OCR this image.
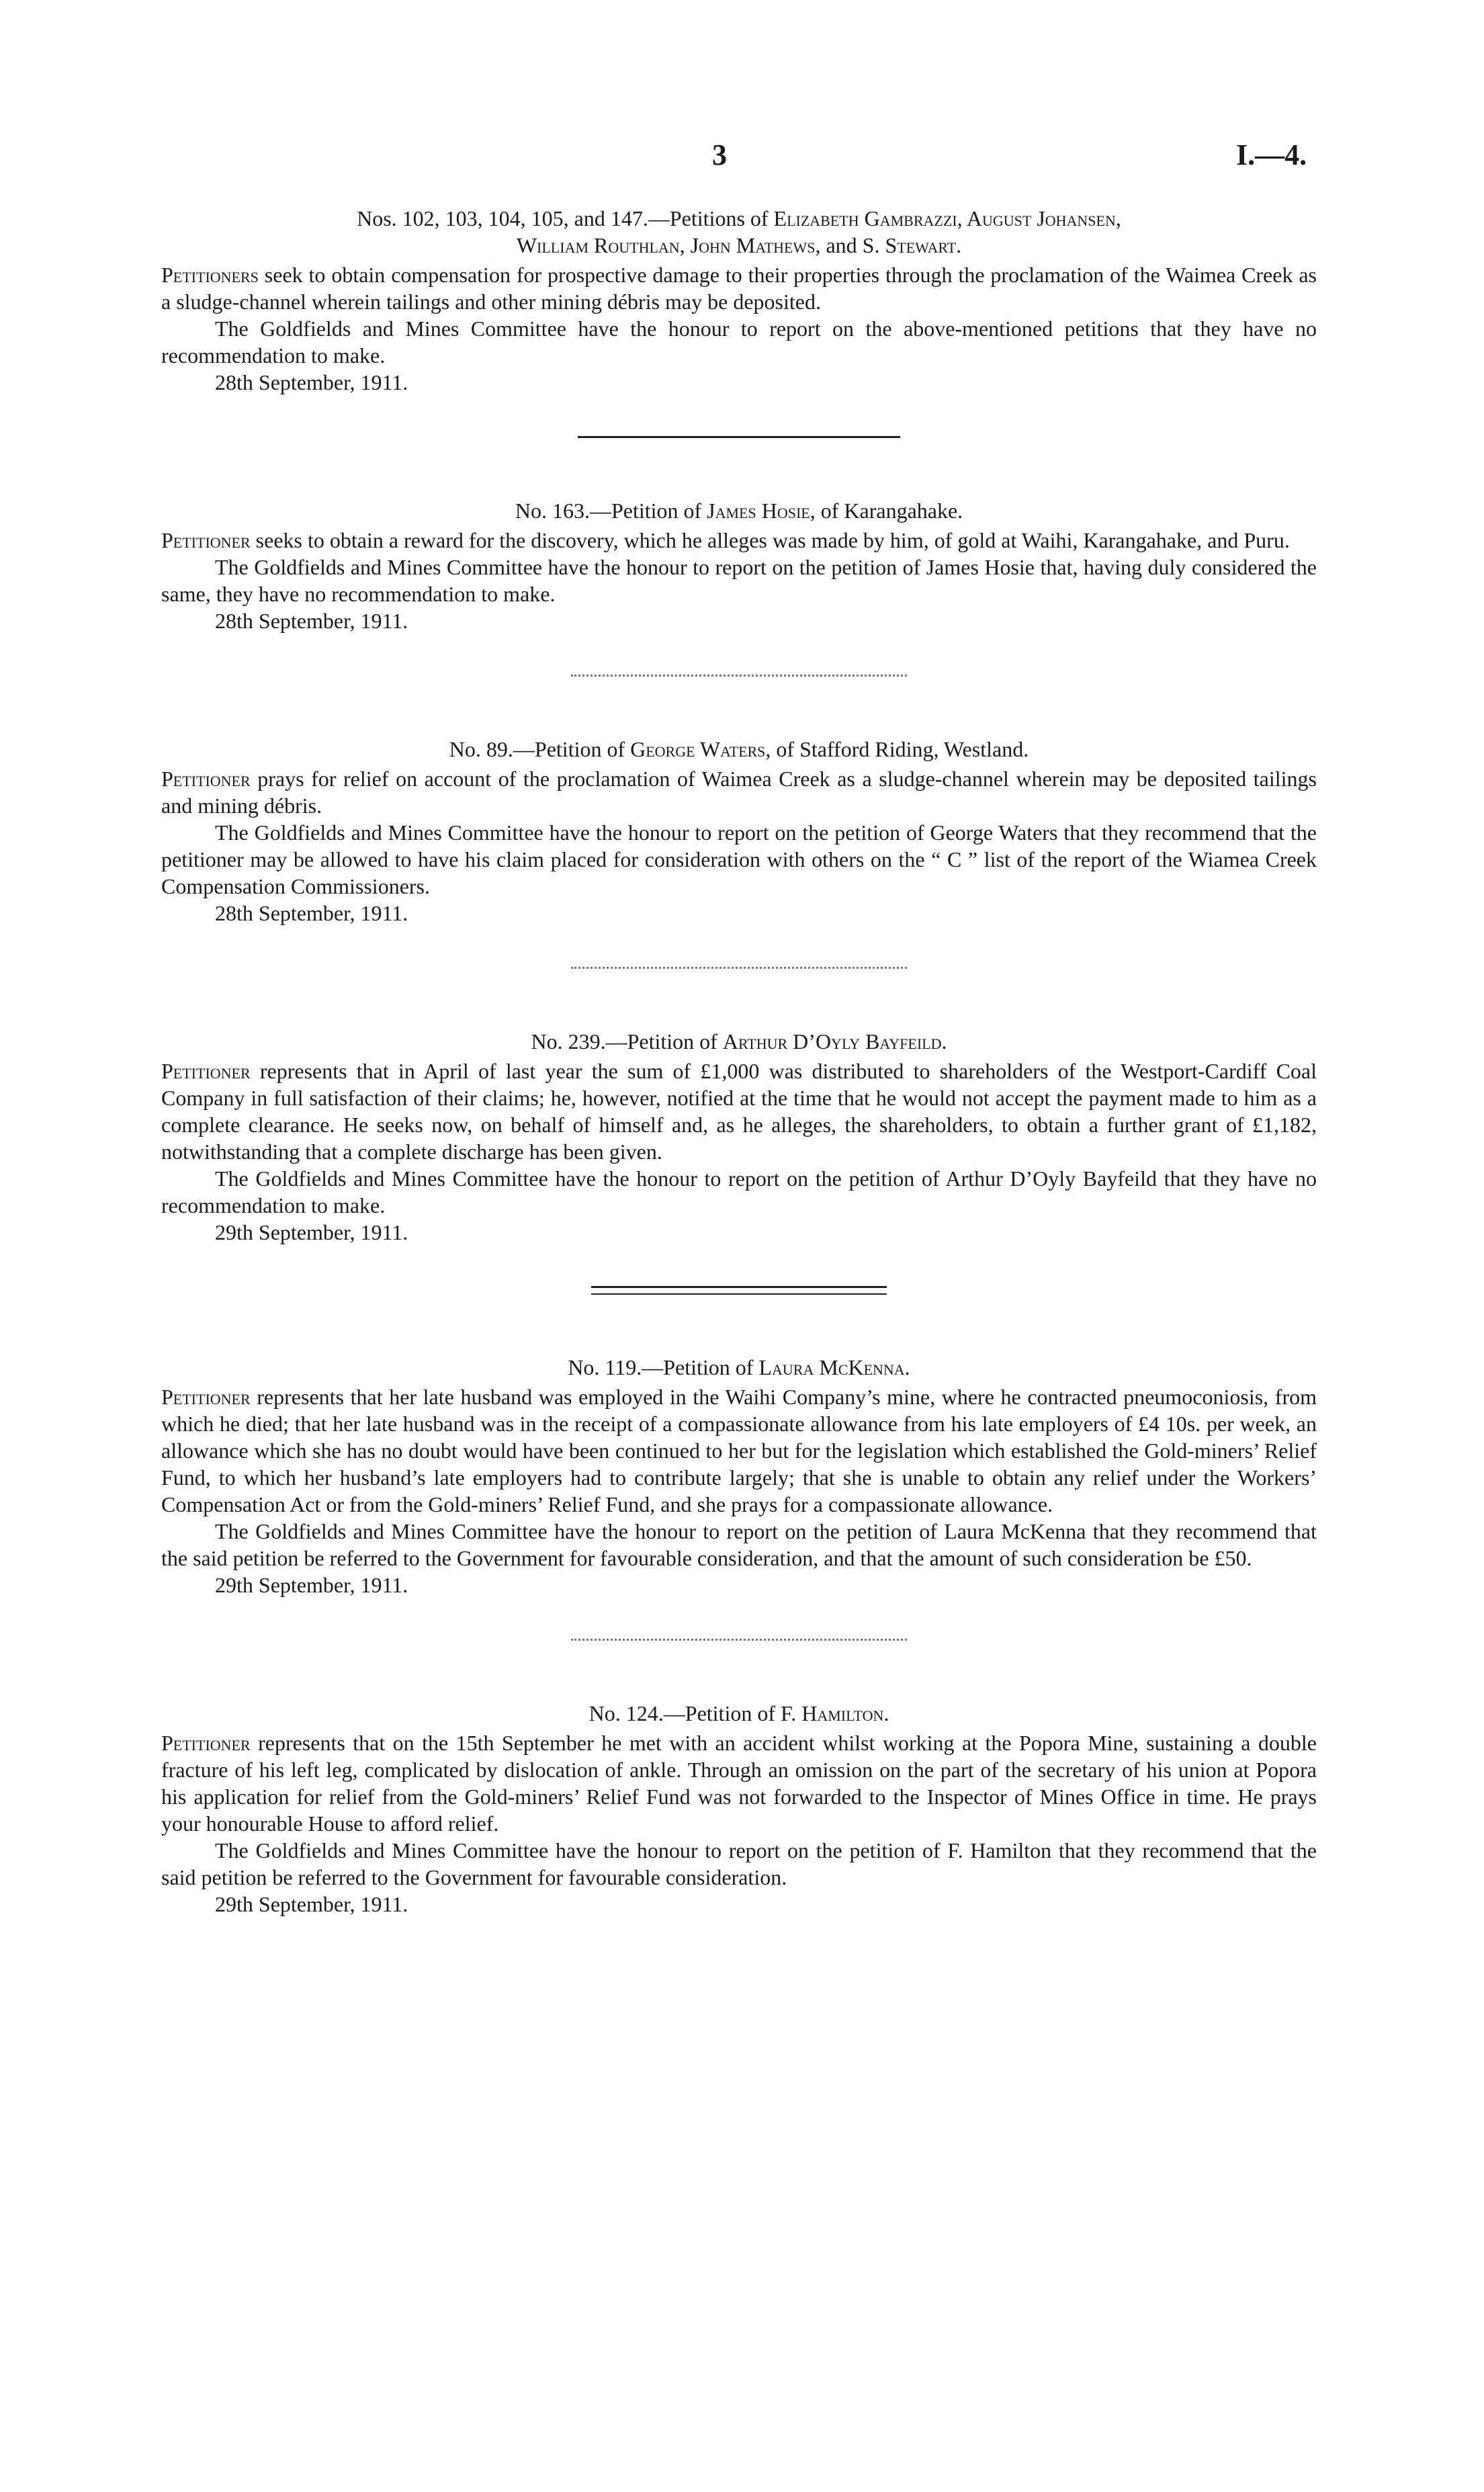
3	I.—4.
Nos. 102, 103, 104, 105, and 147.—Petitions of Elizabeth Gambrazzi, August Johansen,
William Routhlan, John Mathews, and S. Stewart.

Petitioners seek to obtain compensation for prospective damage to their properties through the proclamation of the Waimea Creek as a sludge-channel wherein tailings and other mining débris may be deposited.

The Goldfields and Mines Committee have the honour to report on the above-mentioned petitions that they have no recommendation to make.

28th September, 1911.

No. 163.—Petition of James Hosie, of Karangahake.

Petitioner seeks to obtain a reward for the discovery, which he alleges was made by him, of gold at Waihi, Karangahake, and Puru.

The Goldfields and Mines Committee have the honour to report on the petition of James Hosie that, having duly considered the same, they have no recommendation to make.

28th September, 1911.

No. 89.—Petition of George Waters, of Stafford Riding, Westland.

Petitioner prays for relief on account of the proclamation of Waimea Creek as a sludge-channel wherein may be deposited tailings and mining débris.

The Goldfields and Mines Committee have the honour to report on the petition of George Waters that they recommend that the petitioner may be allowed to have his claim placed for consideration with others on the “ C ” list of the report of the Wiamea Creek Compensation Commissioners.

28th September, 1911.

No. 239.—Petition of Arthur D’Oyly Bayfeild.

Petitioner represents that in April of last year the sum of £1,000 was distributed to shareholders of the Westport-Cardiff Coal Company in full satisfaction of their claims; he, however, notified at the time that he would not accept the payment made to him as a complete clearance. He seeks now, on behalf of himself and, as he alleges, the shareholders, to obtain a further grant of £1,182, notwithstanding that a complete discharge has been given.

The Goldfields and Mines Committee have the honour to report on the petition of Arthur D’Oyly Bayfeild that they have no recommendation to make.

29th September, 1911.

No. 119.—Petition of Laura McKenna.

Petitioner represents that her late husband was employed in the Waihi Company’s mine, where he contracted pneumoconiosis, from which he died; that her late husband was in the receipt of a compassionate allowance from his late employers of £4 10s. per week, an allowance which she has no doubt would have been continued to her but for the legislation which established the Gold-miners’ Relief Fund, to which her husband’s late employers had to contribute largely; that she is unable to obtain any relief under the Workers’ Compensation Act or from the Gold-miners’ Relief Fund, and she prays for a compassionate allowance.

The Goldfields and Mines Committee have the honour to report on the petition of Laura McKenna that they recommend that the said petition be referred to the Government for favourable consideration, and that the amount of such consideration be £50.

29th September, 1911.

No. 124.—Petition of F. Hamilton.

Petitioner represents that on the 15th September he met with an accident whilst working at the Popora Mine, sustaining a double fracture of his left leg, complicated by dislocation of ankle. Through an omission on the part of the secretary of his union at Popora his application for relief from the Gold-miners’ Relief Fund was not forwarded to the Inspector of Mines Office in time. He prays your honourable House to afford relief.

The Goldfields and Mines Committee have the honour to report on the petition of F. Hamilton that they recommend that the said petition be referred to the Government for favourable consideration.

29th September, 1911.
